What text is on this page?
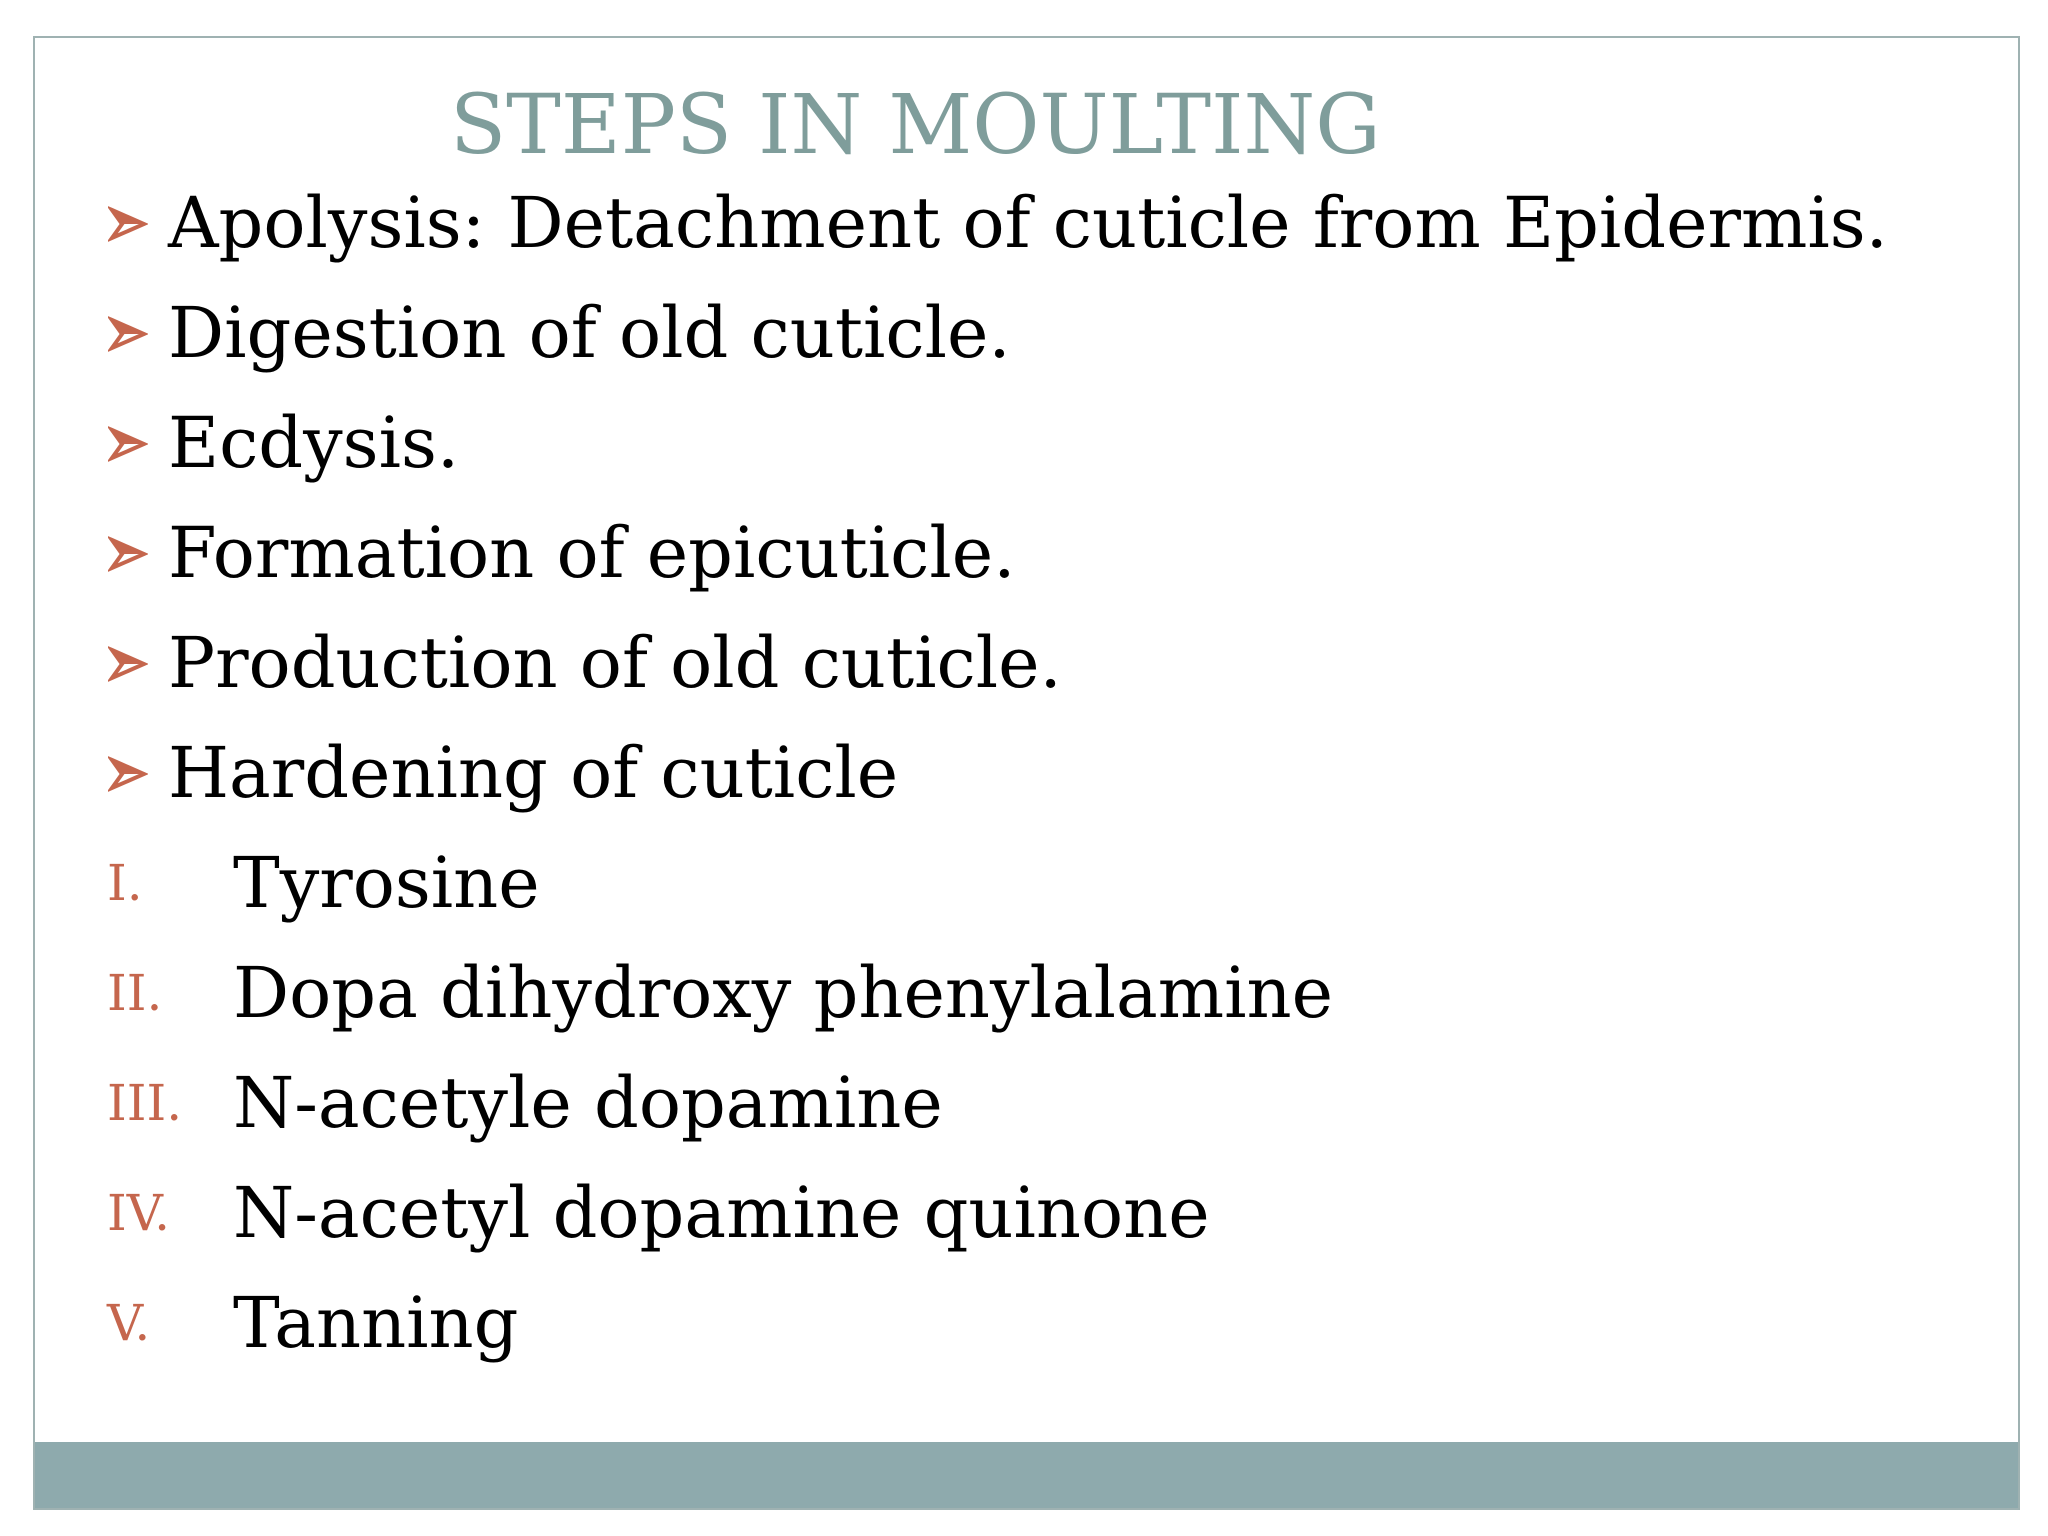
STEPS IN MOULTING
Apolysis: Detachment of cuticle from Epidermis.
Digestion of old cuticle.
Ecdysis.
Formation of epicuticle.
Production of old cuticle.
Hardening of cuticle
I. Tyrosine
II. Dopa dihydroxy phenylalamine
III. N-acetyle dopamine
IV. N-acetyl dopamine quinone
V. Tanning
